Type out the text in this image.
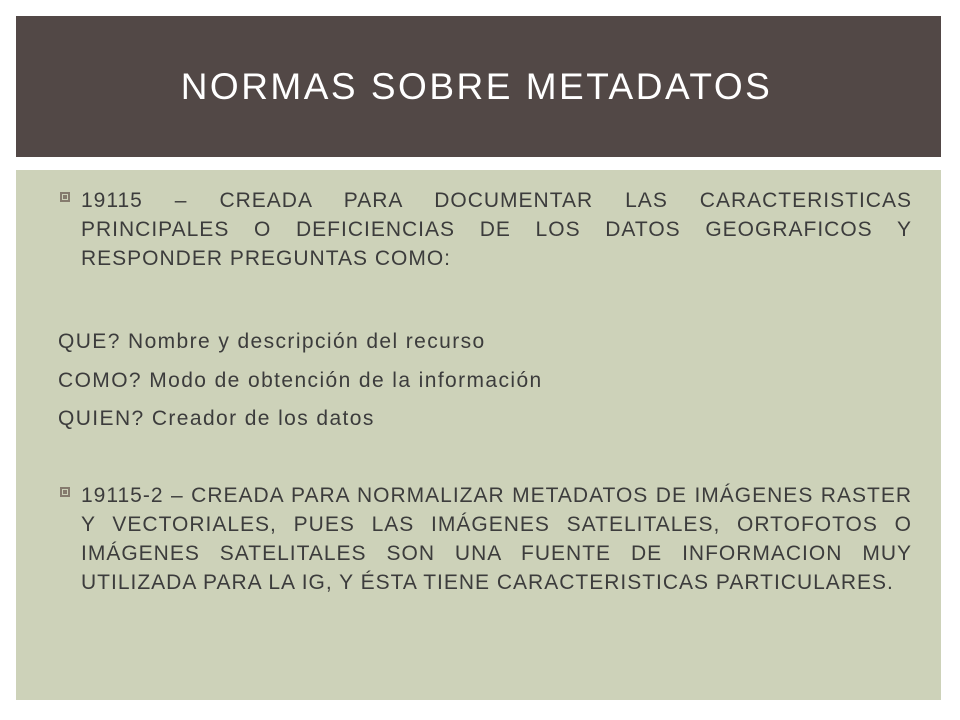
NORMAS SOBRE METADATOS
19115 – CREADA PARA DOCUMENTAR LAS CARACTERISTICAS PRINCIPALES O DEFICIENCIAS DE LOS DATOS GEOGRAFICOS Y RESPONDER PREGUNTAS COMO:
QUE? Nombre y descripción del recurso
COMO? Modo de obtención de la información
QUIEN? Creador de los datos
19115-2 – CREADA PARA NORMALIZAR METADATOS DE IMÁGENES RASTER Y VECTORIALES, PUES LAS IMÁGENES SATELITALES, ORTOFOTOS O IMÁGENES SATELITALES SON UNA FUENTE DE INFORMACION MUY UTILIZADA PARA LA IG, Y ÉSTA TIENE CARACTERISTICAS PARTICULARES.
